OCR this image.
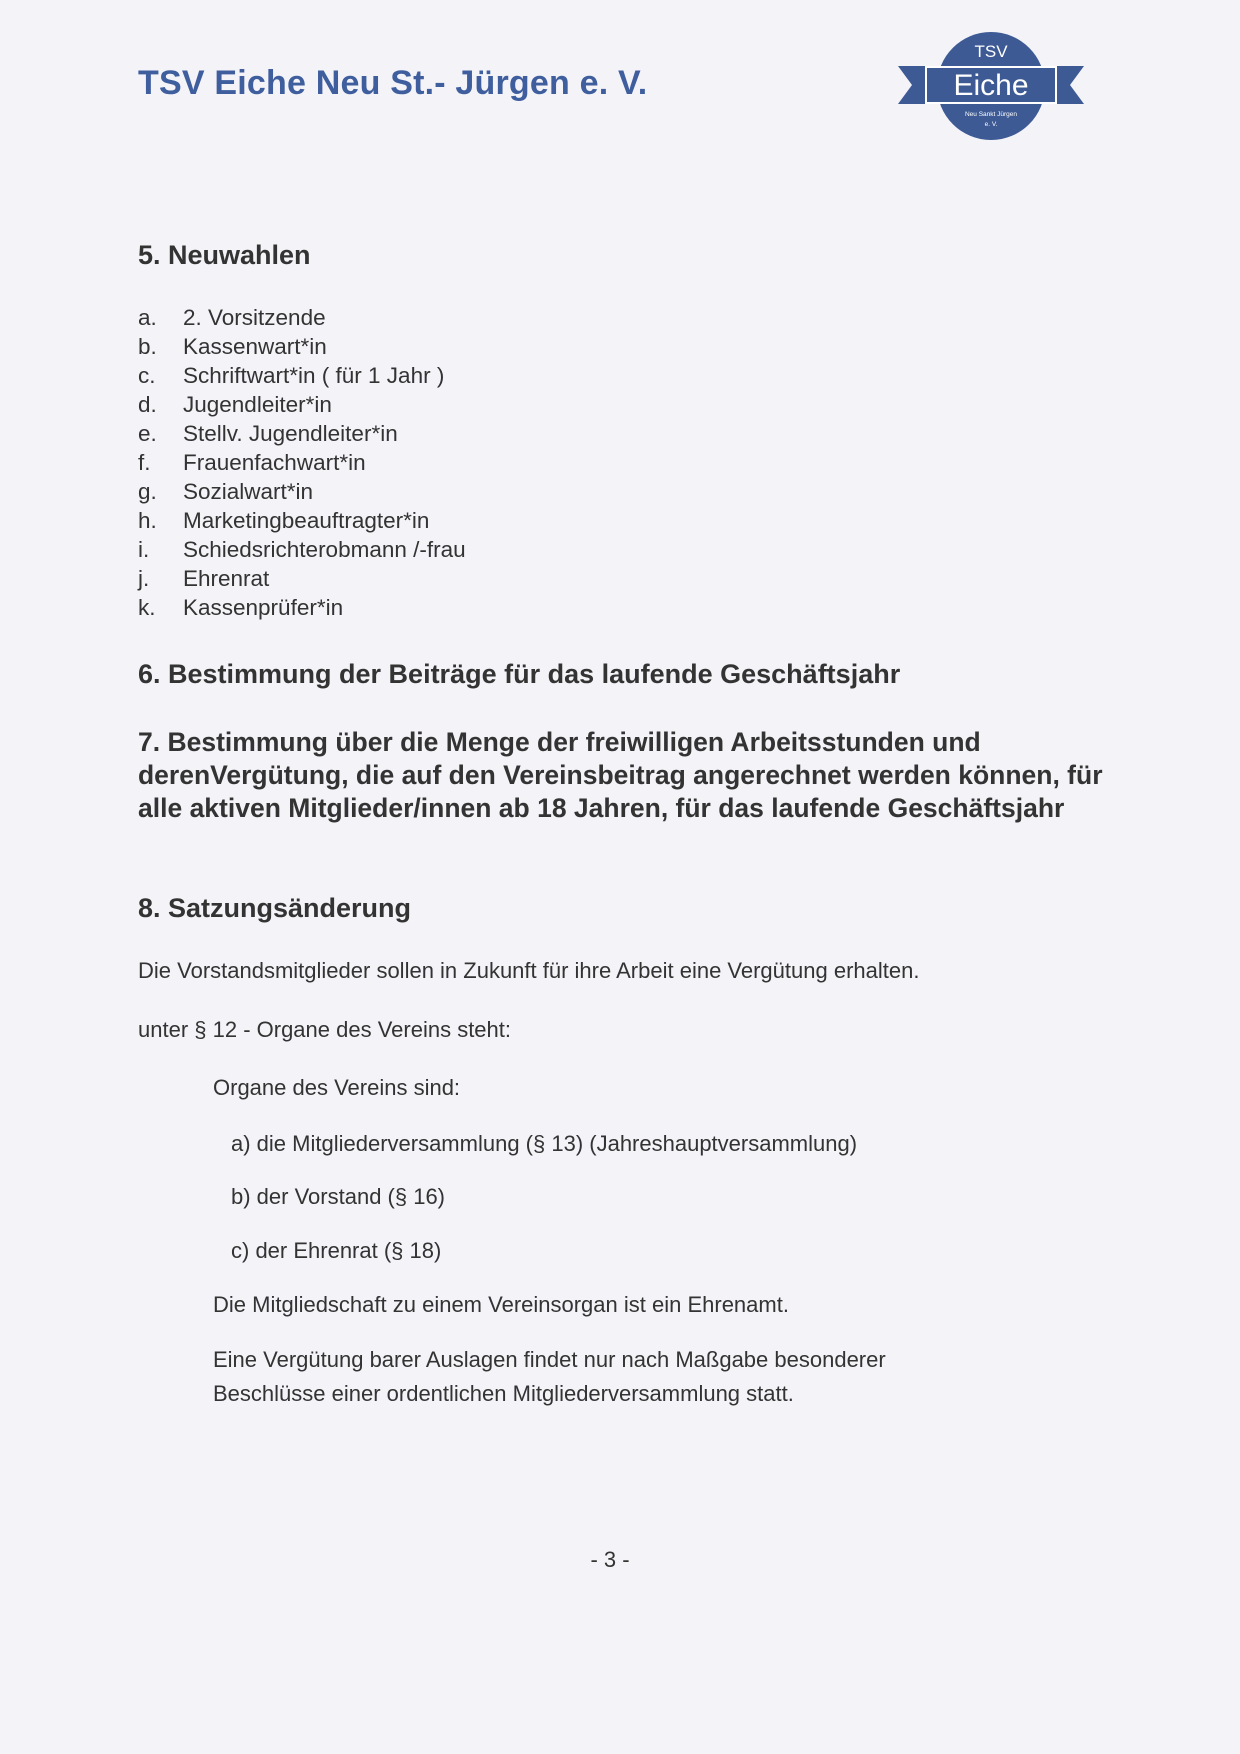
TSV Eiche Neu St.- Jürgen e. V.
TSV
Eiche
Neu Sankt Jürgen
e. V.
5. Neuwahlen
a. 2. Vorsitzende
b. Kassenwart*in
c. Schriftwart*in ( für 1 Jahr )
d. Jugendleiter*in
e. Stellv. Jugendleiter*in
f. Frauenfachwart*in
g. Sozialwart*in
h. Marketingbeauftragter*in
i. Schiedsrichterobmann /-frau
j. Ehrenrat
k. Kassenprüfer*in
6. Bestimmung der Beiträge für das laufende Geschäftsjahr
7. Bestimmung über die Menge der freiwilligen Arbeitsstunden und derenVergütung, die auf den Vereinsbeitrag angerechnet werden können, für alle aktiven Mitglieder/innen ab 18 Jahren, für das laufende Geschäftsjahr
8. Satzungsänderung

Die Vorstandsmitglieder sollen in Zukunft für ihre Arbeit eine Vergütung erhalten.

unter § 12 - Organe des Vereins steht:

Organe des Vereins sind:

a) die Mitgliederversammlung (§ 13) (Jahreshauptversammlung)

b) der Vorstand (§ 16)

c) der Ehrenrat (§ 18)

Die Mitgliedschaft zu einem Vereinsorgan ist ein Ehrenamt.

Eine Vergütung barer Auslagen findet nur nach Maßgabe besonderer

Beschlüsse einer ordentlichen Mitgliederversammlung statt.

- 3 -
